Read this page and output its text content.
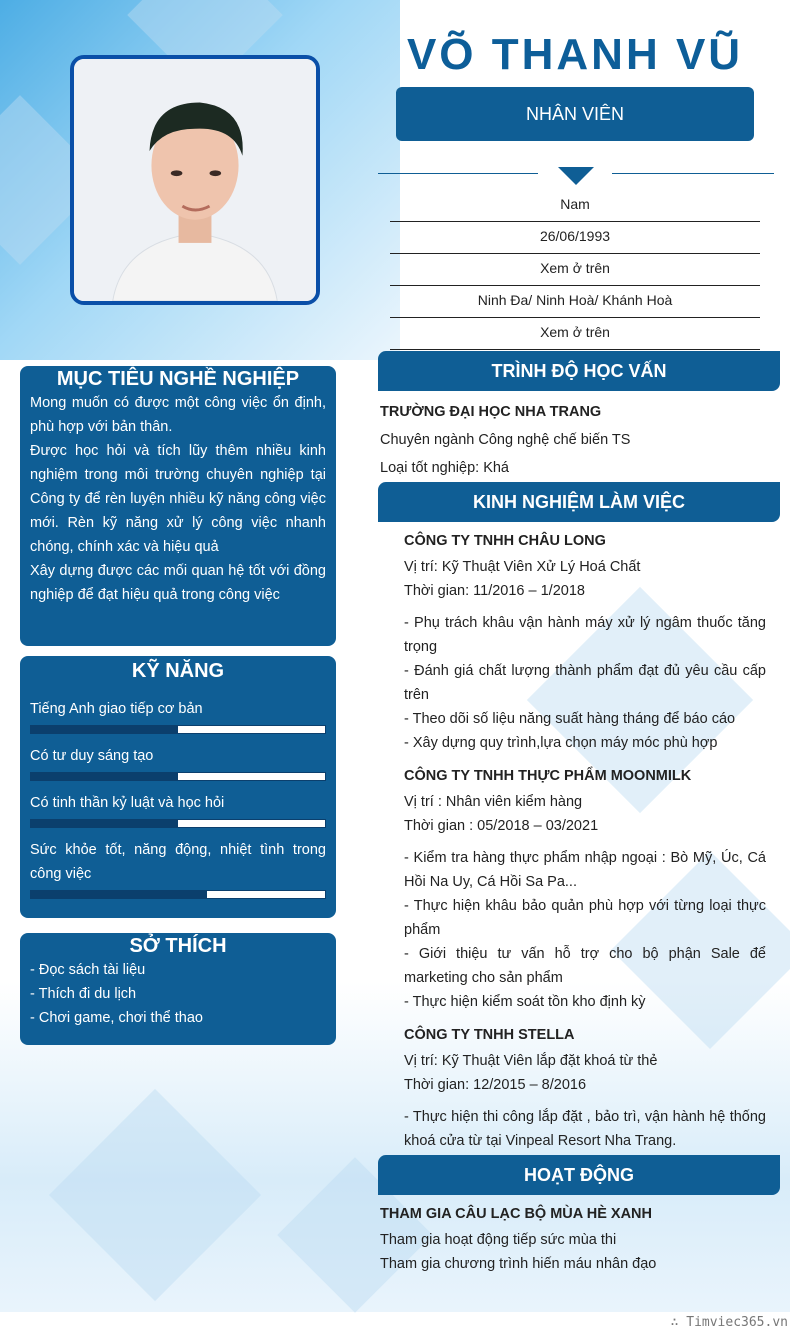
VÕ THANH VŨ
NHÂN VIÊN
Nam
26/06/1993
Xem ở trên
Ninh Đa/ Ninh Hoà/ Khánh Hoà
Xem ở trên
MỤC TIÊU NGHỀ NGHIỆP

Mong muốn có được một công việc ổn định, phù hợp với bản thân.

Được học hỏi và tích lũy thêm nhiều kinh nghiệm trong môi trường chuyên nghiệp tại Công ty để rèn luyện nhiều kỹ năng công việc mới. Rèn kỹ năng xử lý công việc nhanh chóng, chính xác và hiệu quả

Xây dựng được các mối quan hệ tốt với đồng nghiệp để đạt hiệu quả trong công việc

KỸ NĂNG
Tiếng Anh giao tiếp cơ bản
Có tư duy sáng tạo
Có tinh thần kỷ luật và học hỏi
Sức khỏe tốt, năng động, nhiệt tình trong công việc
SỞ THÍCH
- Đọc sách tài liệu
- Thích đi du lịch
- Chơi game, chơi thể thao
TRÌNH ĐỘ HỌC VẤN
TRƯỜNG ĐẠI HỌC NHA TRANG
Chuyên ngành Công nghệ chế biến TS
Loại tốt nghiệp: Khá
KINH NGHIỆM LÀM VIỆC
CÔNG TY TNHH CHÂU LONG
Vị trí: Kỹ Thuật Viên Xử Lý Hoá Chất
Thời gian: 11/2016 – 1/2018
- Phụ trách khâu vận hành máy xử lý ngâm thuốc tăng trọng
- Đánh giá chất lượng thành phẩm đạt đủ yêu cầu cấp trên
- Theo dõi số liệu năng suất hàng tháng để báo cáo
- Xây dựng quy trình,lựa chọn máy móc phù hợp
CÔNG TY TNHH THỰC PHẨM MOONMILK
Vị trí : Nhân viên kiểm hàng
Thời gian : 05/2018 – 03/2021
- Kiểm tra hàng thực phẩm nhập ngoại : Bò Mỹ, Úc, Cá Hồi Na Uy, Cá Hồi Sa Pa...
- Thực hiện khâu bảo quản phù hợp với từng loại thực phẩm
- Giới thiệu tư vấn hỗ trợ cho bộ phận Sale để marketing cho sản phẩm
- Thực hiện kiểm soát tồn kho định kỳ
CÔNG TY TNHH STELLA
Vị trí: Kỹ Thuật Viên lắp đặt khoá từ thẻ
Thời gian: 12/2015 – 8/2016
- Thực hiện thi công lắp đặt , bảo trì, vận hành hệ thống khoá cửa từ tại Vinpeal Resort Nha Trang.
HOẠT ĐỘNG
THAM GIA CÂU LẠC BỘ MÙA HÈ XANH
Tham gia hoạt động tiếp sức mùa thi
Tham gia chương trình hiến máu nhân đạo
∴ Timviec365.vn
